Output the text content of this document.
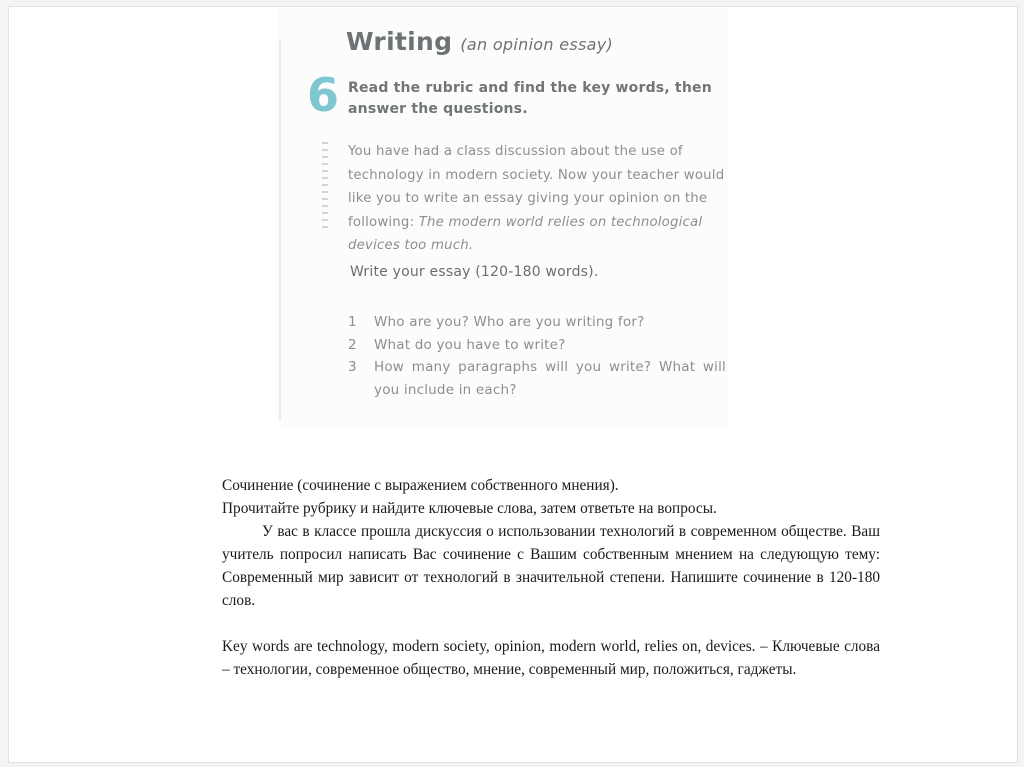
Writing (an opinion essay)
6 Read the rubric and find the key words, then answer the questions.
You have had a class discussion about the use of technology in modern society. Now your teacher would like you to write an essay giving your opinion on the following: The modern world relies on technological devices too much.
Write your essay (120-180 words).
1	Who are you? Who are you writing for?
2	What do you have to write?
3	How many paragraphs will you write? What will you include in each?

Сочинение (сочинение с выражением собственного мнения).

Прочитайте рубрику и найдите ключевые слова, затем ответьте на вопросы.

У вас в классе прошла дискуссия о использовании технологий в современном обществе. Ваш учитель попросил написать Вас сочинение с Вашим собственным мнением на следующую тему: Современный мир зависит от технологий в значительной степени. Напишите сочинение в 120-180 слов.

Key words are technology, modern society, opinion, modern world, relies on, devices. – Ключевые слова – технологии, современное общество, мнение, современный мир, положиться, гаджеты.
